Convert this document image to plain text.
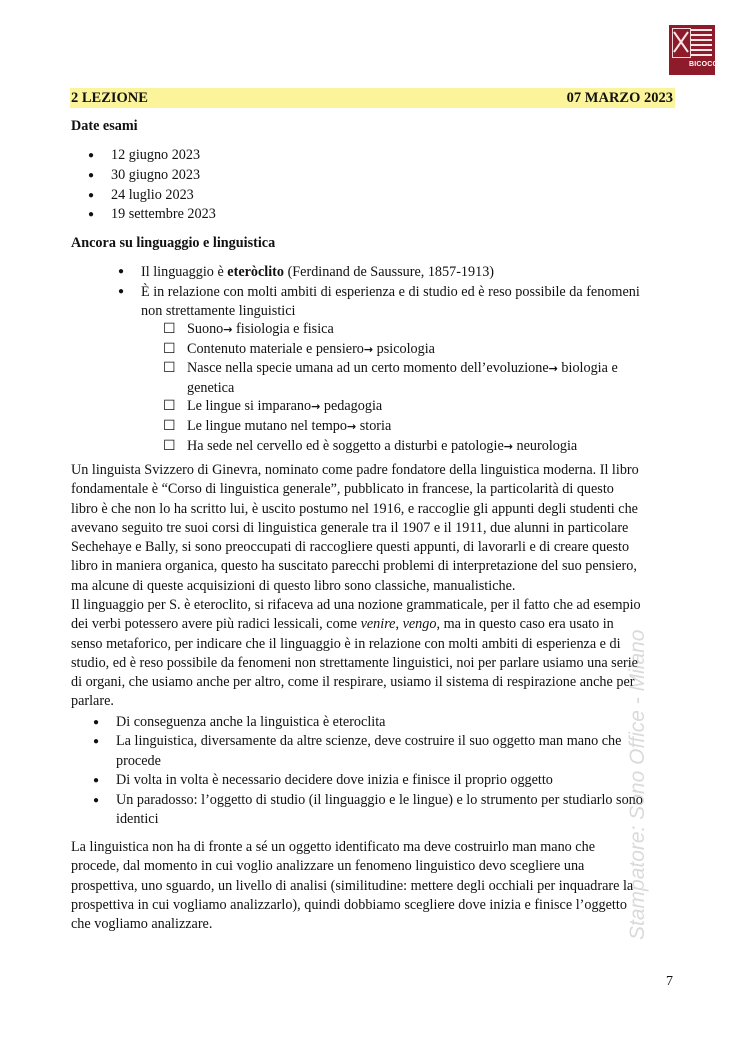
BICOCCA
2 LEZIONE	07 MARZO 2023
Date esami
● 12 giugno 2023
● 30 giugno 2023
● 24 luglio 2023
● 19 settembre 2023
Ancora su linguaggio e linguistica
● Il linguaggio è eteròclito (Ferdinand de Saussure, 1857-1913)
● È in relazione con molti ambiti di esperienza e di studio ed è reso possibile da fenomeni
non strettamente linguistici
☐ Suono→ fisiologia e fisica
☐ Contenuto materiale e pensiero→ psicologia
☐ Nasce nella specie umana ad un certo momento dell’evoluzione→ biologia e
genetica
☐ Le lingue si imparano→ pedagogia
☐ Le lingue mutano nel tempo→ storia
☐ Ha sede nel cervello ed è soggetto a disturbi e patologie→ neurologia
Un linguista Svizzero di Ginevra, nominato come padre fondatore della linguistica moderna. Il libro
fondamentale è “Corso di linguistica generale”, pubblicato in francese, la particolarità di questo
libro è che non lo ha scritto lui, è uscito postumo nel 1916, e raccoglie gli appunti degli studenti che
avevano seguito tre suoi corsi di linguistica generale tra il 1907 e il 1911, due alunni in particolare
Sechehaye e Bally, si sono preoccupati di raccogliere questi appunti, di lavorarli e di creare questo
libro in maniera organica, questo ha suscitato parecchi problemi di interpretazione del suo pensiero,
ma alcune di queste acquisizioni di questo libro sono classiche, manualistiche.
Il linguaggio per S. è eteroclito, si rifaceva ad una nozione grammaticale, per il fatto che ad esempio
dei verbi potessero avere più radici lessicali, come venire, vengo, ma in questo caso era usato in
senso metaforico, per indicare che il linguaggio è in relazione con molti ambiti di esperienza e di
studio, ed è reso possibile da fenomeni non strettamente linguistici, noi per parlare usiamo una serie
di organi, che usiamo anche per altro, come il respirare, usiamo il sistema di respirazione anche per
parlare.
● Di conseguenza anche la linguistica è eteroclita
● La linguistica, diversamente da altre scienze, deve costruire il suo oggetto man mano che
procede
● Di volta in volta è necessario decidere dove inizia e finisce il proprio oggetto
● Un paradosso: l’oggetto di studio (il linguaggio e le lingue) e lo strumento per studiarlo sono
identici
La linguistica non ha di fronte a sé un oggetto identificato ma deve costruirlo man mano che
procede, dal momento in cui voglio analizzare un fenomeno linguistico devo scegliere una
prospettiva, uno sguardo, un livello di analisi (similitudine: mettere degli occhiali per inquadrare la
prospettiva in cui vogliamo analizzarlo), quindi dobbiamo scegliere dove inizia e finisce l’oggetto
che vogliamo analizzare.	Stampatore: Sono Office - Milano
7
